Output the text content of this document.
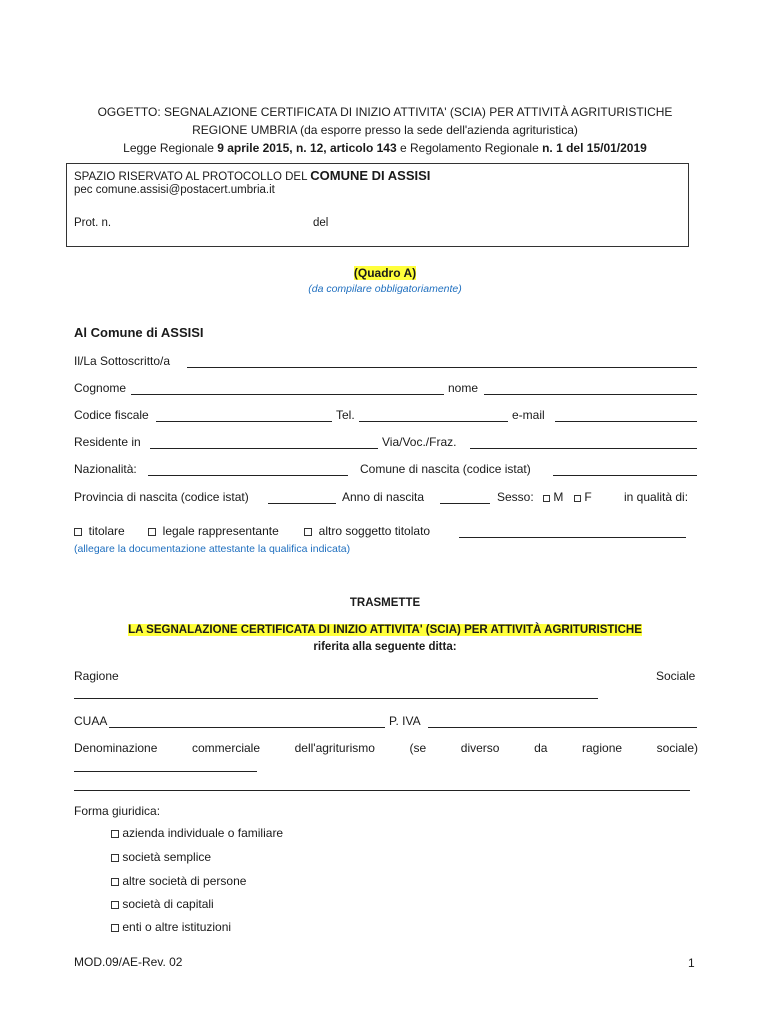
OGGETTO: SEGNALAZIONE CERTIFICATA DI INIZIO ATTIVITA' (SCIA) PER ATTIVITÀ AGRITURISTICHE
REGIONE UMBRIA (da esporre presso la sede dell'azienda agrituristica)
Legge Regionale 9 aprile 2015, n. 12, articolo 143 e Regolamento Regionale n. 1 del 15/01/2019
SPAZIO RISERVATO AL PROTOCOLLO DEL COMUNE DI ASSISI
pec comune.assisi@postacert.umbria.it
Prot. n.	del
(Quadro A)
(da compilare obbligatoriamente)
Al Comune di ASSISI
Il/La Sottoscritto/a
Cognome	nome
Codice fiscale	Tel.	e-mail
Residente in	Via/Voc./Fraz.
Nazionalità:	Comune di nascita (codice istat)
Provincia di nascita (codice istat)	Anno di nascita	Sesso:	M	F	in qualità di:
titolare	legale rappresentante	altro soggetto titolato
(allegare la documentazione attestante la qualifica indicata)
TRASMETTE
LA SEGNALAZIONE CERTIFICATA DI INIZIO ATTIVITA' (SCIA) PER ATTIVITÀ AGRITURISTICHE
riferita alla seguente ditta:
Ragione	Sociale
CUAA	P. IVA
Denominazione	commerciale	dell'agriturismo	(se	diverso	da	ragione	sociale)
Forma giuridica:
azienda individuale o familiare
società semplice
altre società di persone
società di capitali
enti o altre istituzioni
MOD.09/AE-Rev. 02	1
